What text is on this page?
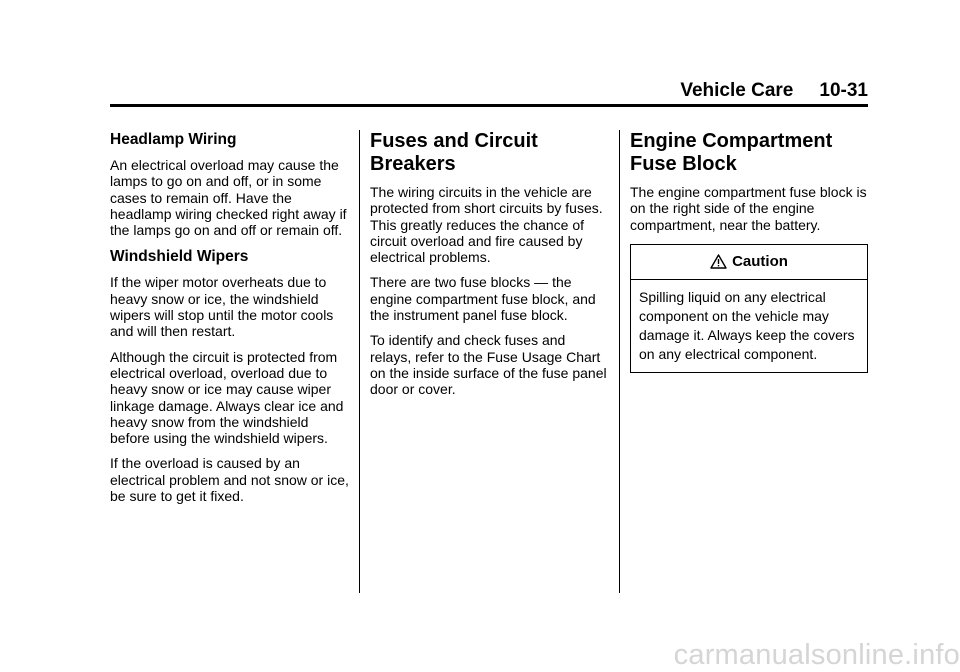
Vehicle Care 10-31
Headlamp Wiring

An electrical overload may cause the lamps to go on and off, or in some cases to remain off. Have the headlamp wiring checked right away if the lamps go on and off or remain off.

Windshield Wipers

If the wiper motor overheats due to heavy snow or ice, the windshield wipers will stop until the motor cools and will then restart.

Although the circuit is protected from electrical overload, overload due to heavy snow or ice may cause wiper linkage damage. Always clear ice and heavy snow from the windshield before using the windshield wipers.

If the overload is caused by an electrical problem and not snow or ice, be sure to get it fixed.

Fuses and Circuit Breakers

The wiring circuits in the vehicle are protected from short circuits by fuses. This greatly reduces the chance of circuit overload and fire caused by electrical problems.

There are two fuse blocks — the engine compartment fuse block, and the instrument panel fuse block.

To identify and check fuses and relays, refer to the Fuse Usage Chart on the inside surface of the fuse panel door or cover.

Engine Compartment Fuse Block

The engine compartment fuse block is on the right side of the engine compartment, near the battery.

Caution

Spilling liquid on any electrical component on the vehicle may damage it. Always keep the covers on any electrical component.

carmanualsonline.info
